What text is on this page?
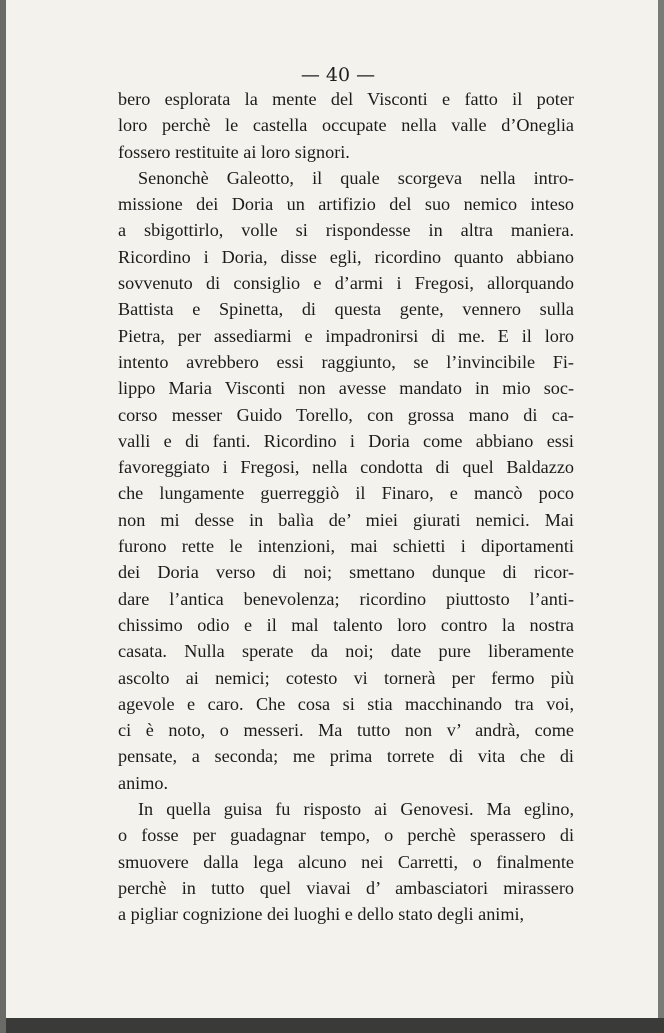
— 40 —
bero esplorata la mente del Visconti e fatto il poter
loro perchè le castella occupate nella valle d’Oneglia
fossero restituite ai loro signori.
Senonchè Galeotto, il quale scorgeva nella intro-
missione dei Doria un artifizio del suo nemico inteso
a sbigottirlo, volle si rispondesse in altra maniera.
Ricordino i Doria, disse egli, ricordino quanto abbiano
sovvenuto di consiglio e d’armi i Fregosi, allorquando
Battista e Spinetta, di questa gente, vennero sulla
Pietra, per assediarmi e impadronirsi di me. E il loro
intento avrebbero essi raggiunto, se l’invincibile Fi-
lippo Maria Visconti non avesse mandato in mio soc-
corso messer Guido Torello, con grossa mano di ca-
valli e di fanti. Ricordino i Doria come abbiano essi
favoreggiato i Fregosi, nella condotta di quel Baldazzo
che lungamente guerreggiò il Finaro, e mancò poco
non mi desse in balìa de’ miei giurati nemici. Mai
furono rette le intenzioni, mai schietti i diportamenti
dei Doria verso di noi; smettano dunque di ricor-
dare l’antica benevolenza; ricordino piuttosto l’anti-
chissimo odio e il mal talento loro contro la nostra
casata. Nulla sperate da noi; date pure liberamente
ascolto ai nemici; cotesto vi tornerà per fermo più
agevole e caro. Che cosa si stia macchinando tra voi,
ci è noto, o messeri. Ma tutto non v’ andrà, come
pensate, a seconda; me prima torrete di vita che di
animo.
In quella guisa fu risposto ai Genovesi. Ma eglino,
o fosse per guadagnar tempo, o perchè sperassero di
smuovere dalla lega alcuno nei Carretti, o finalmente
perchè in tutto quel viavai d’ ambasciatori mirassero
a pigliar cognizione dei luoghi e dello stato degli animi,
